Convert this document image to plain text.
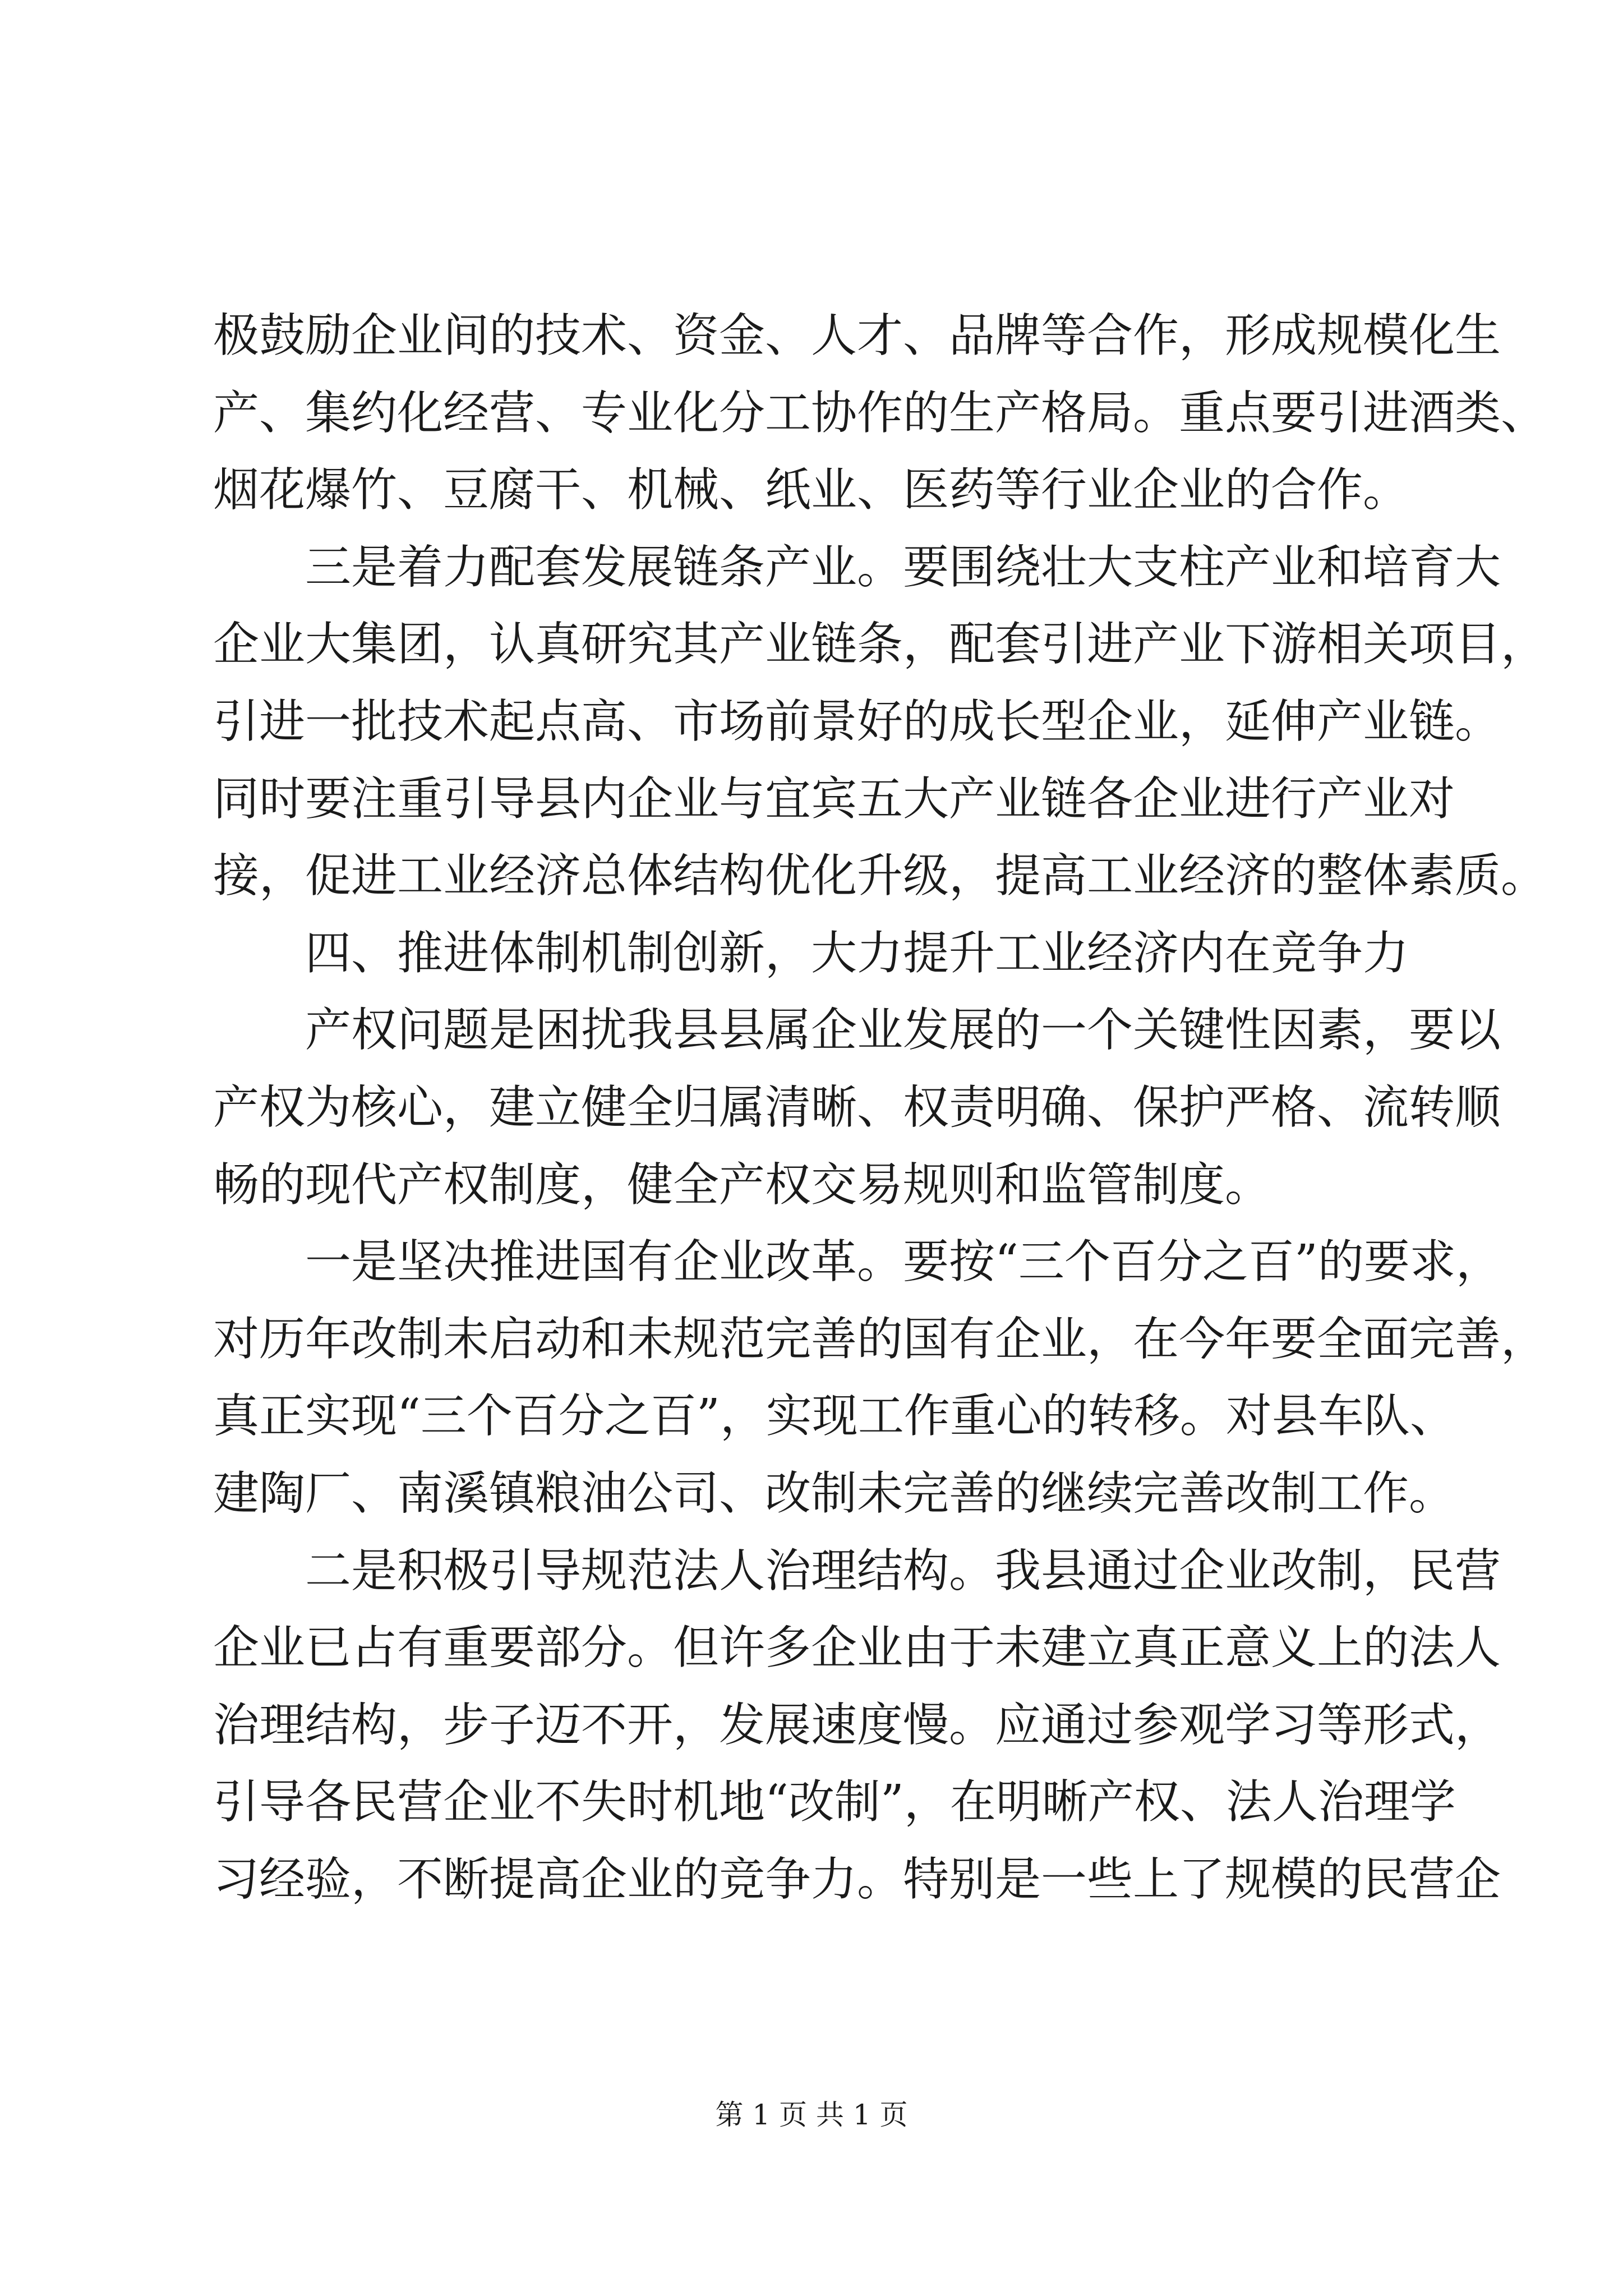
极鼓励企业间的技术、资金、人才、品牌等合作，形成规模化生
产、集约化经营、专业化分工协作的生产格局。重点要引进酒类、
烟花爆竹、豆腐干、机械、纸业、医药等行业企业的合作。
三是着力配套发展链条产业。要围绕壮大支柱产业和培育大
企业大集团，认真研究其产业链条，配套引进产业下游相关项目，
引进一批技术起点高、市场前景好的成长型企业，延伸产业链。
同时要注重引导县内企业与宜宾五大产业链各企业进行产业对
接，促进工业经济总体结构优化升级，提高工业经济的整体素质。
四、推进体制机制创新，大力提升工业经济内在竞争力
产权问题是困扰我县县属企业发展的一个关键性因素，要以
产权为核心，建立健全归属清晰、权责明确、保护严格、流转顺
畅的现代产权制度，健全产权交易规则和监管制度。
一是坚决推进国有企业改革。要按“三个百分之百”的要求，
对历年改制未启动和未规范完善的国有企业，在今年要全面完善，
真正实现“三个百分之百”，实现工作重心的转移。对县车队、
建陶厂、南溪镇粮油公司、改制未完善的继续完善改制工作。
二是积极引导规范法人治理结构。我县通过企业改制，民营
企业已占有重要部分。但许多企业由于未建立真正意义上的法人
治理结构，步子迈不开，发展速度慢。应通过参观学习等形式，
引导各民营企业不失时机地“改制”，在明晰产权、法人治理学
习经验，不断提高企业的竞争力。特别是一些上了规模的民营企
第 1 页 共 1 页
